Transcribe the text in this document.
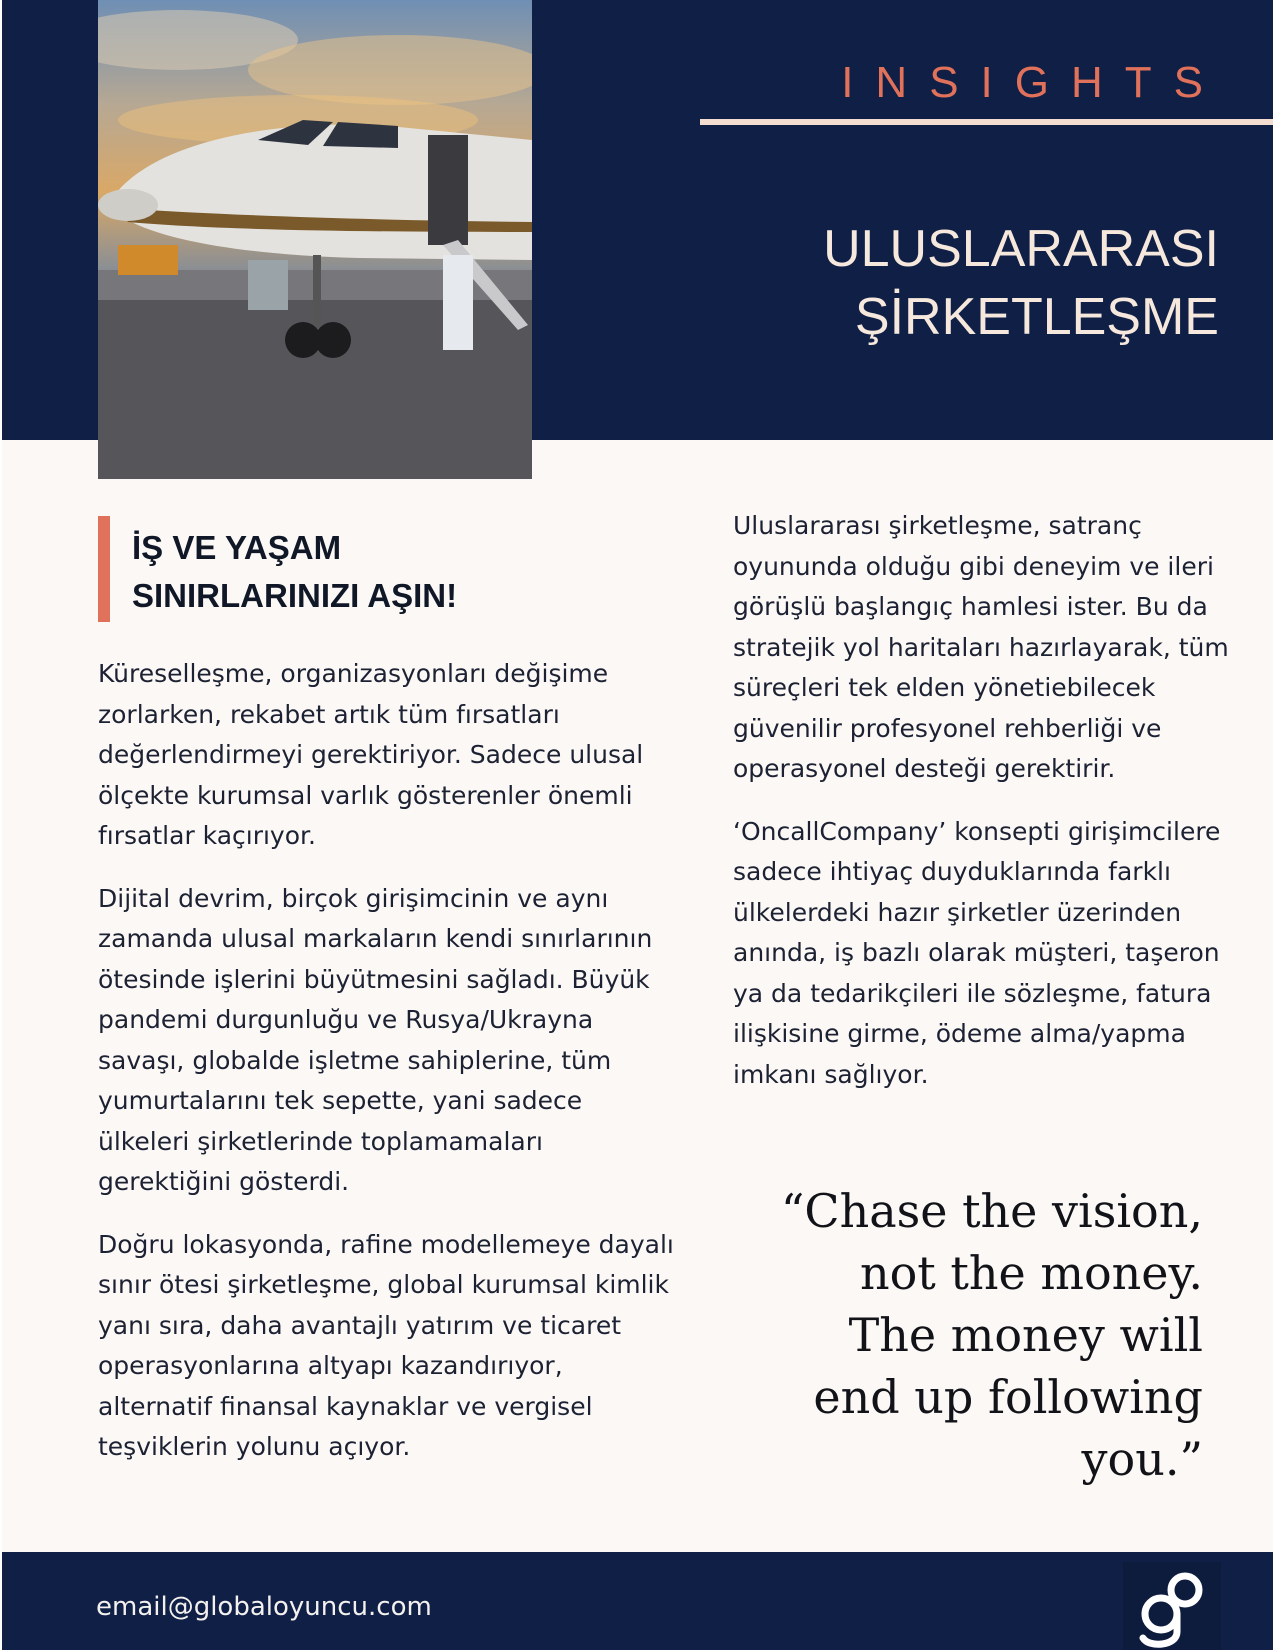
INSIGHTS
ULUSLARARASI
ŞİRKETLEŞME
İŞ VE YAŞAM
SINIRLARINIZI AŞIN!

Küreselleşme, organizasyonları değişime zorlarken, rekabet artık tüm fırsatları değerlendirmeyi gerektiriyor. Sadece ulusal ölçekte kurumsal varlık gösterenler önemli fırsatlar kaçırıyor.

Dijital devrim, birçok girişimcinin ve aynı zamanda ulusal markaların kendi sınırlarının ötesinde işlerini büyütmesini sağladı. Büyük pandemi durgunluğu ve Rusya/Ukrayna savaşı, globalde işletme sahiplerine, tüm yumurtalarını tek sepette, yani sadece ülkeleri şirketlerinde toplamamaları gerektiğini gösterdi.

Doğru lokasyonda, rafine modellemeye dayalı sınır ötesi şirketleşme, global kurumsal kimlik yanı sıra, daha avantajlı yatırım ve ticaret operasyonlarına altyapı kazandırıyor, alternatif finansal kaynaklar ve vergisel teşviklerin yolunu açıyor.

Uluslararası şirketleşme, satranç oyununda olduğu gibi deneyim ve ileri görüşlü başlangıç hamlesi ister. Bu da stratejik yol haritaları hazırlayarak, tüm süreçleri tek elden yönetiebilecek güvenilir profesyonel rehberliği ve operasyonel desteği gerektirir.

‘OncallCompany’ konsepti girişimcilere sadece ihtiyaç duyduklarında farklı ülkelerdeki hazır şirketler üzerinden anında, iş bazlı olarak müşteri, taşeron ya da tedarikçileri ile sözleşme, fatura ilişkisine girme, ödeme alma/yapma imkanı sağlıyor.

“Chase the vision, not the money. The money will end up following you.”
email@globaloyuncu.com
